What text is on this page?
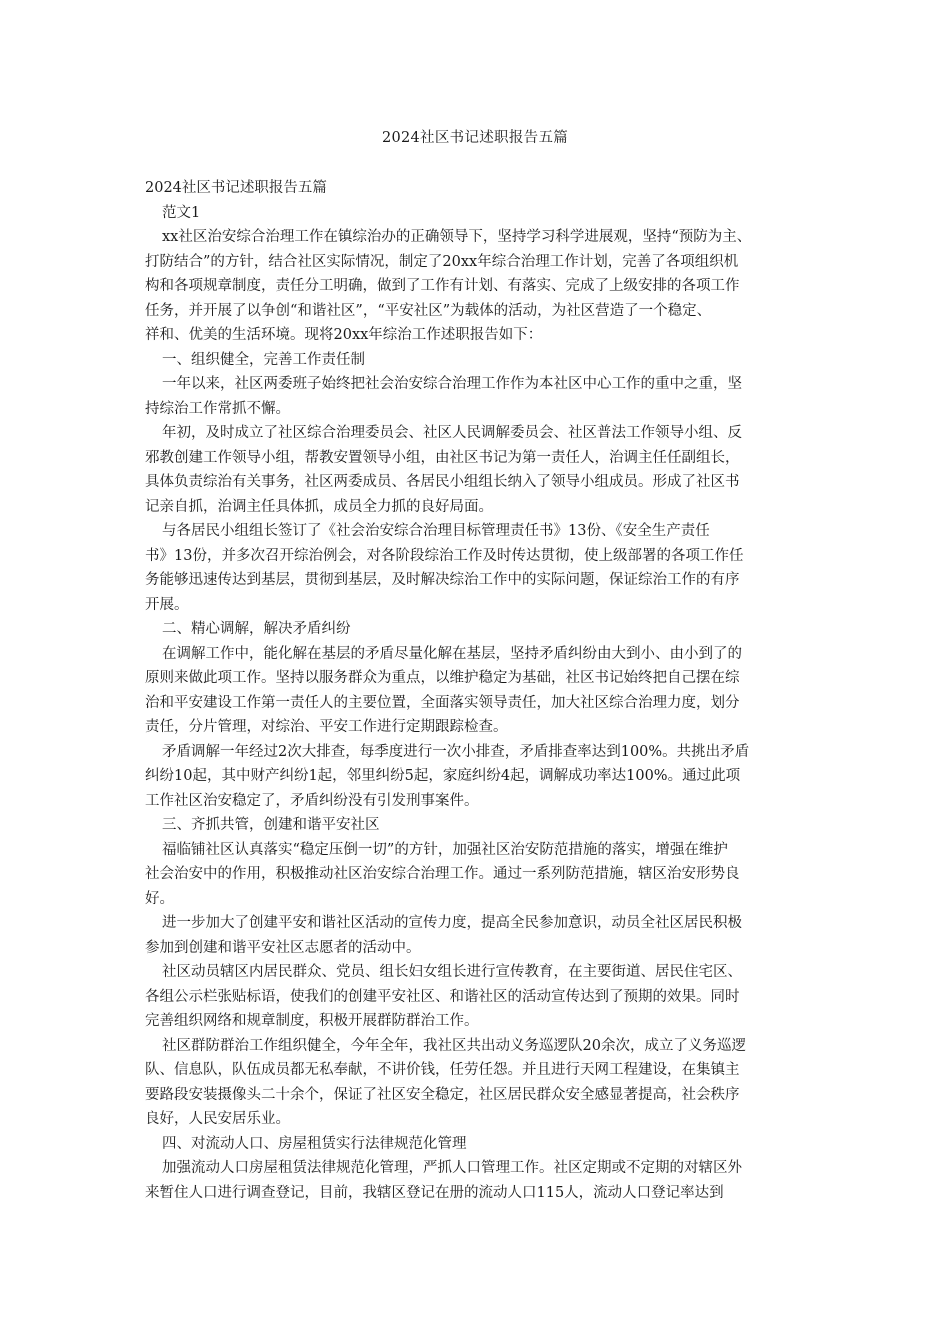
2024社区书记述职报告五篇
2024社区书记述职报告五篇
范文1
xx社区治安综合治理工作在镇综治办的正确领导下，坚持学习科学进展观，坚持“预防为主、
打防结合”的方针，结合社区实际情况，制定了20xx年综合治理工作计划，完善了各项组织机
构和各项规章制度，责任分工明确，做到了工作有计划、有落实、完成了上级安排的各项工作
任务，并开展了以争创“和谐社区”，“平安社区”为载体的活动，为社区营造了一个稳定、
祥和、优美的生活环境。现将20xx年综治工作述职报告如下：
一、组织健全，完善工作责任制
一年以来，社区两委班子始终把社会治安综合治理工作作为本社区中心工作的重中之重，坚
持综治工作常抓不懈。
年初，及时成立了社区综合治理委员会、社区人民调解委员会、社区普法工作领导小组、反
邪教创建工作领导小组，帮教安置领导小组，由社区书记为第一责任人，治调主任任副组长，
具体负责综治有关事务，社区两委成员、各居民小组组长纳入了领导小组成员。形成了社区书
记亲自抓，治调主任具体抓，成员全力抓的良好局面。
与各居民小组组长签订了《社会治安综合治理目标管理责任书》13份、《安全生产责任
书》13份，并多次召开综治例会，对各阶段综治工作及时传达贯彻，使上级部署的各项工作任
务能够迅速传达到基层，贯彻到基层，及时解决综治工作中的实际问题，保证综治工作的有序
开展。
二、精心调解，解决矛盾纠纷
在调解工作中，能化解在基层的矛盾尽量化解在基层，坚持矛盾纠纷由大到小、由小到了的
原则来做此项工作。坚持以服务群众为重点，以维护稳定为基础，社区书记始终把自己摆在综
治和平安建设工作第一责任人的主要位置，全面落实领导责任，加大社区综合治理力度，划分
责任，分片管理，对综治、平安工作进行定期跟踪检查。
矛盾调解一年经过2次大排查，每季度进行一次小排查，矛盾排查率达到100%。共挑出矛盾
纠纷10起，其中财产纠纷1起，邻里纠纷5起，家庭纠纷4起，调解成功率达100%。通过此项
工作社区治安稳定了，矛盾纠纷没有引发刑事案件。
三、齐抓共管，创建和谐平安社区
福临铺社区认真落实“稳定压倒一切”的方针，加强社区治安防范措施的落实，增强在维护
社会治安中的作用，积极推动社区治安综合治理工作。通过一系列防范措施，辖区治安形势良
好。
进一步加大了创建平安和谐社区活动的宣传力度，提高全民参加意识，动员全社区居民积极
参加到创建和谐平安社区志愿者的活动中。
社区动员辖区内居民群众、党员、组长妇女组长进行宣传教育，在主要街道、居民住宅区、
各组公示栏张贴标语，使我们的创建平安社区、和谐社区的活动宣传达到了预期的效果。同时
完善组织网络和规章制度，积极开展群防群治工作。
社区群防群治工作组织健全，今年全年，我社区共出动义务巡逻队20余次，成立了义务巡逻
队、信息队，队伍成员都无私奉献，不讲价钱，任劳任怨。并且进行天网工程建设，在集镇主
要路段安装摄像头二十余个，保证了社区安全稳定，社区居民群众安全感显著提高，社会秩序
良好，人民安居乐业。
四、对流动人口、房屋租赁实行法律规范化管理
加强流动人口房屋租赁法律规范化管理，严抓人口管理工作。社区定期或不定期的对辖区外
来暂住人口进行调查登记，目前，我辖区登记在册的流动人口115人，流动人口登记率达到
